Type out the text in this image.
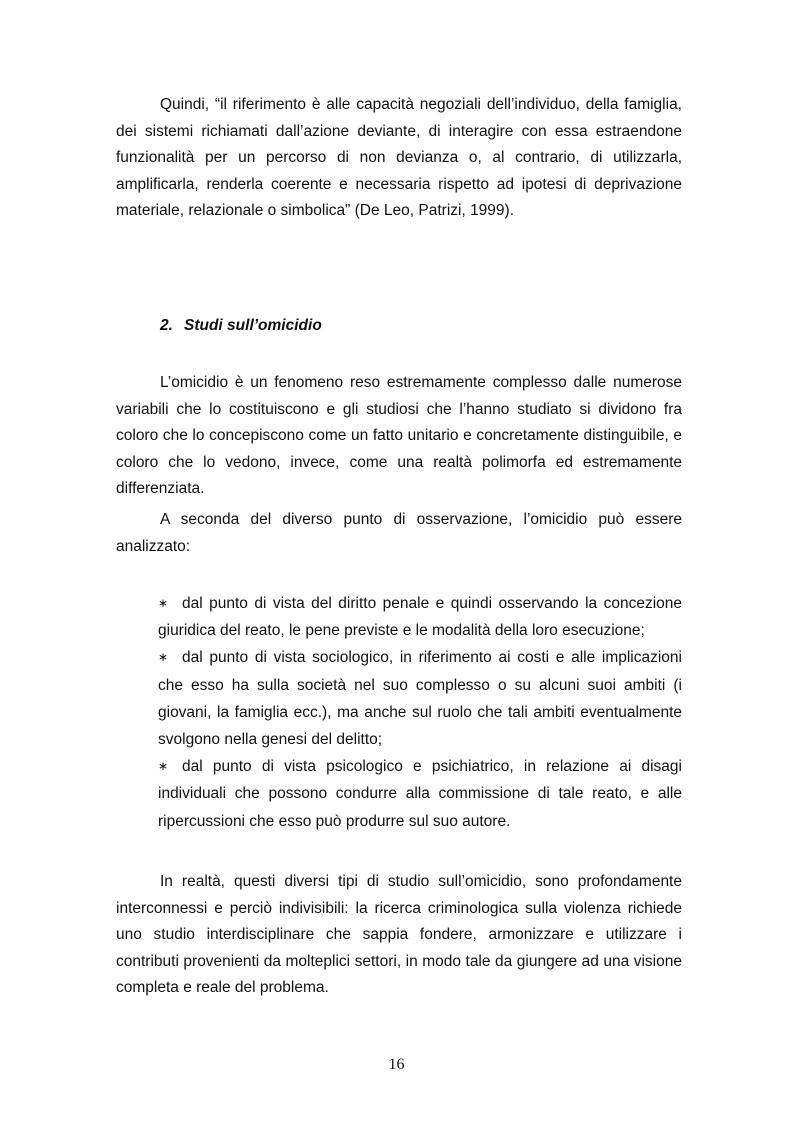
Quindi, “il riferimento è alle capacità negoziali dell’individuo, della famiglia, dei sistemi richiamati dall’azione deviante, di interagire con essa estraendone funzionalità per un percorso di non devianza o, al contrario, di utilizzarla, amplificarla, renderla coerente e necessaria rispetto ad ipotesi di deprivazione materiale, relazionale o simbolica” (De Leo, Patrizi, 1999).

2. Studi sull’omicidio

L’omicidio è un fenomeno reso estremamente complesso dalle numerose variabili che lo costituiscono e gli studiosi che l’hanno studiato si dividono fra coloro che lo concepiscono come un fatto unitario e concretamente distinguibile, e coloro che lo vedono, invece, come una realtà polimorfa ed estremamente differenziata.

A seconda del diverso punto di osservazione, l’omicidio può essere analizzato:

∗ dal punto di vista del diritto penale e quindi osservando la concezione giuridica del reato, le pene previste e le modalità della loro esecuzione;
∗ dal punto di vista sociologico, in riferimento ai costi e alle implicazioni che esso ha sulla società nel suo complesso o su alcuni suoi ambiti (i giovani, la famiglia ecc.), ma anche sul ruolo che tali ambiti eventualmente svolgono nella genesi del delitto;
∗ dal punto di vista psicologico e psichiatrico, in relazione ai disagi individuali che possono condurre alla commissione di tale reato, e alle ripercussioni che esso può produrre sul suo autore.

In realtà, questi diversi tipi di studio sull’omicidio, sono profondamente interconnessi e perciò indivisibili: la ricerca criminologica sulla violenza richiede uno studio interdisciplinare che sappia fondere, armonizzare e utilizzare i contributi provenienti da molteplici settori, in modo tale da giungere ad una visione completa e reale del problema.

16
